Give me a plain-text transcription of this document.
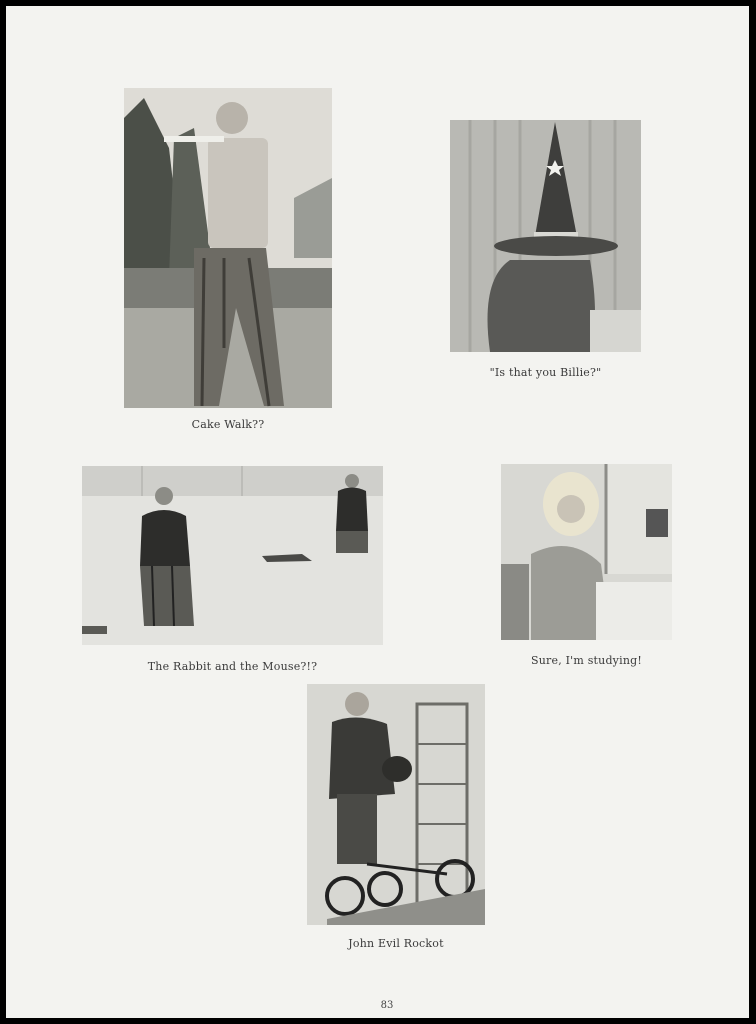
Cake Walk??
"Is that you Billie?"
The Rabbit and the Mouse?!?	Sure, I'm studying!
John Evil Rockot
83
